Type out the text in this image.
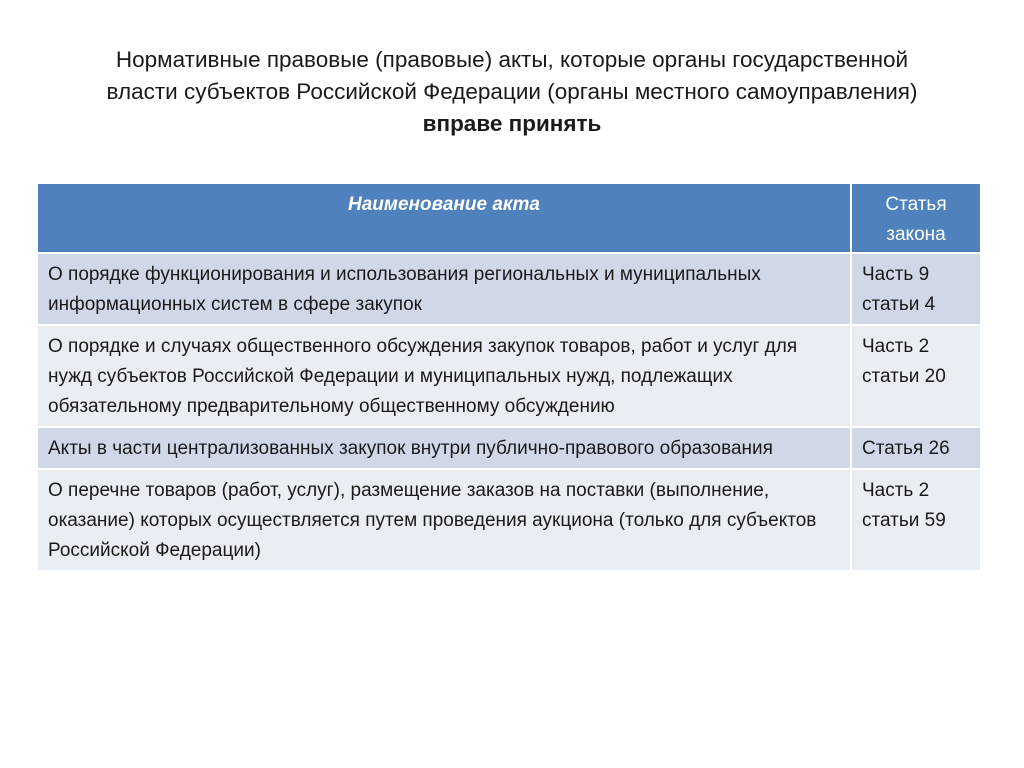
Нормативные правовые (правовые) акты, которые органы государственной власти субъектов Российской Федерации (органы местного самоуправления) вправе принять
Наименование акта	Статья закона
О порядке функционирования и использования региональных и муниципальных информационных систем в сфере закупок	Часть 9 статьи 4
О порядке и случаях общественного обсуждения закупок товаров, работ и услуг для нужд субъектов Российской Федерации и муниципальных нужд, подлежащих обязательному предварительному общественному обсуждению	Часть 2 статьи 20
Акты в части централизованных закупок внутри публично-правового образования	Статья 26
О перечне товаров (работ, услуг), размещение заказов на поставки (выполнение, оказание) которых осуществляется путем проведения аукциона (только для субъектов Российской Федерации)	Часть 2 статьи 59
